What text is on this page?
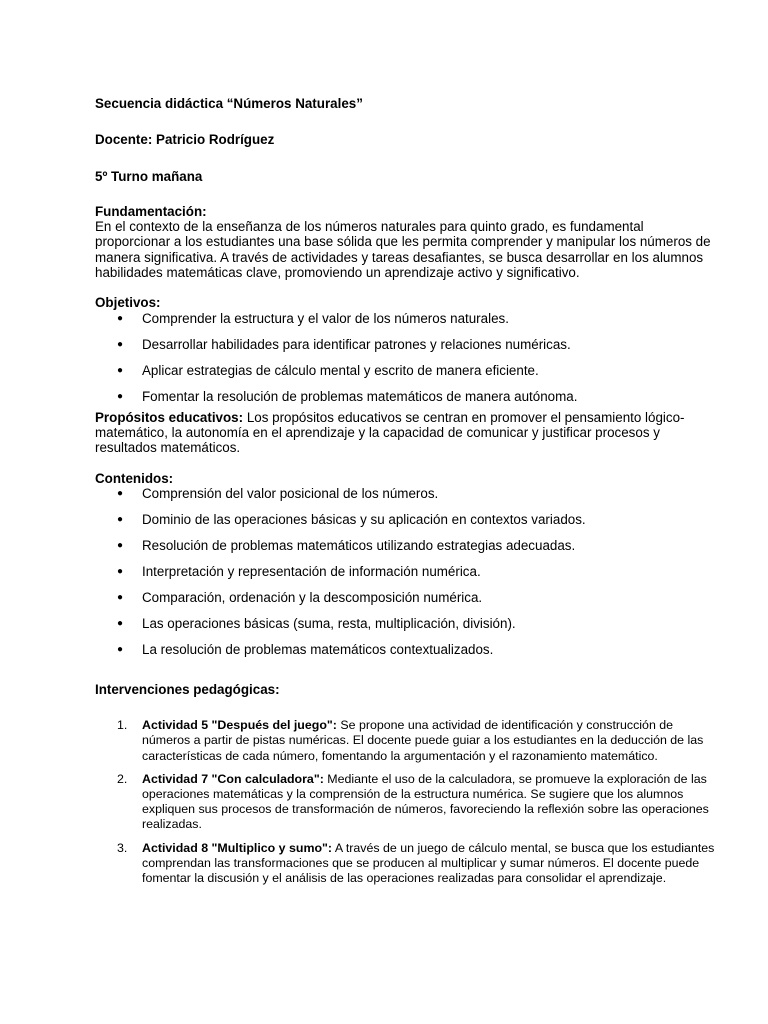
Secuencia didáctica “Números Naturales”

Docente: Patricio Rodríguez

5º Turno mañana

Fundamentación:

En el contexto de la enseñanza de los números naturales para quinto grado, es fundamental proporcionar a los estudiantes una base sólida que les permita comprender y manipular los números de manera significativa. A través de actividades y tareas desafiantes, se busca desarrollar en los alumnos habilidades matemáticas clave, promoviendo un aprendizaje activo y significativo.

Objetivos:

● Comprender la estructura y el valor de los números naturales.
● Desarrollar habilidades para identificar patrones y relaciones numéricas.
● Aplicar estrategias de cálculo mental y escrito de manera eficiente.
● Fomentar la resolución de problemas matemáticos de manera autónoma.

Propósitos educativos: Los propósitos educativos se centran en promover el pensamiento lógico-matemático, la autonomía en el aprendizaje y la capacidad de comunicar y justificar procesos y resultados matemáticos.

Contenidos:

● Comprensión del valor posicional de los números.
● Dominio de las operaciones básicas y su aplicación en contextos variados.
● Resolución de problemas matemáticos utilizando estrategias adecuadas.
● Interpretación y representación de información numérica.
● Comparación, ordenación y la descomposición numérica.
● Las operaciones básicas (suma, resta, multiplicación, división).
● La resolución de problemas matemáticos contextualizados.

Intervenciones pedagógicas:

1. Actividad 5 "Después del juego": Se propone una actividad de identificación y construcción de números a partir de pistas numéricas. El docente puede guiar a los estudiantes en la deducción de las características de cada número, fomentando la argumentación y el razonamiento matemático.
2. Actividad 7 "Con calculadora": Mediante el uso de la calculadora, se promueve la exploración de las operaciones matemáticas y la comprensión de la estructura numérica. Se sugiere que los alumnos expliquen sus procesos de transformación de números, favoreciendo la reflexión sobre las operaciones realizadas.
3. Actividad 8 "Multiplico y sumo": A través de un juego de cálculo mental, se busca que los estudiantes comprendan las transformaciones que se producen al multiplicar y sumar números. El docente puede fomentar la discusión y el análisis de las operaciones realizadas para consolidar el aprendizaje.
